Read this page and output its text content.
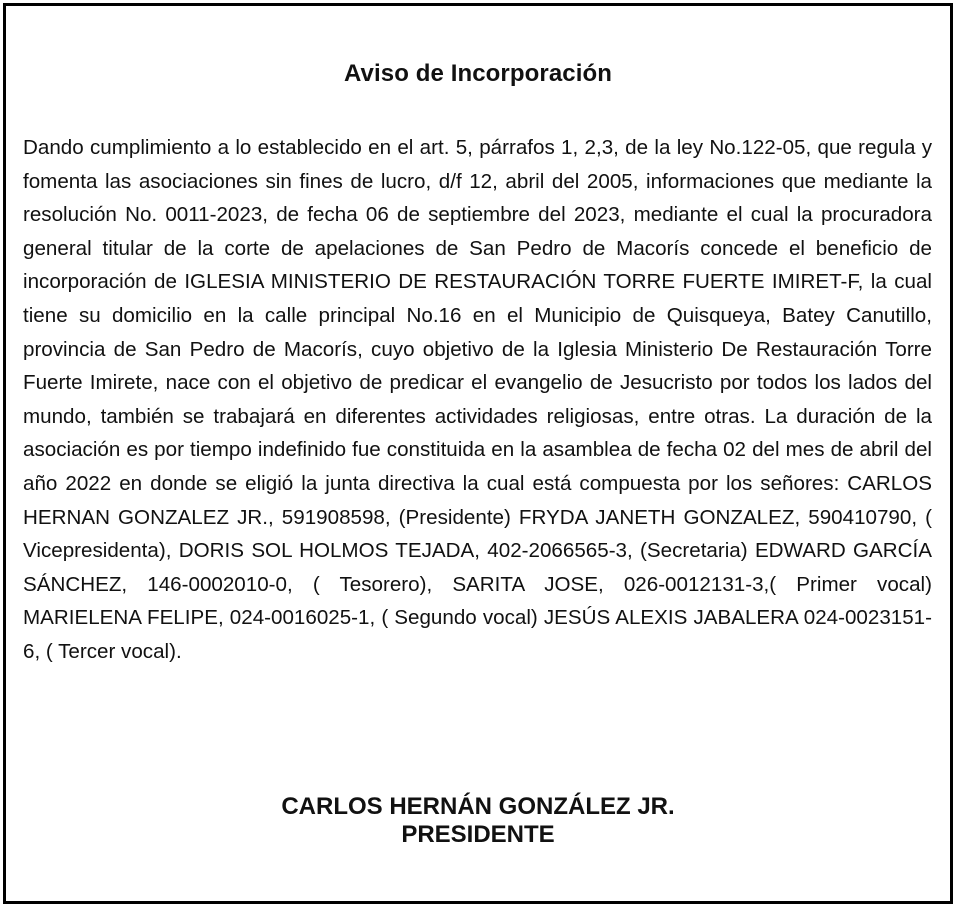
Aviso de Incorporación
Dando cumplimiento a lo establecido en el art. 5, párrafos 1, 2,3, de la ley No.122-05, que regula y fomenta las asociaciones sin fines de lucro, d/f 12, abril del 2005, informaciones que mediante la resolución No. 0011-2023, de fecha 06 de septiembre del 2023, mediante el cual la procuradora general titular de la corte de apelaciones de San Pedro de Macorís concede el beneficio de incorporación de IGLESIA MINISTERIO DE RESTAURACIÓN TORRE FUERTE IMIRET-F, la cual tiene su domicilio en la calle principal No.16 en el Municipio de Quisqueya, Batey Canutillo, provincia de San Pedro de Macorís, cuyo objetivo de la Iglesia Ministerio De Restauración Torre Fuerte Imirete, nace con el objetivo de predicar el evangelio de Jesucristo por todos los lados del mundo, también se trabajará en diferentes actividades religiosas, entre otras. La duración de la asociación es por tiempo indefinido fue constituida en la asamblea de fecha 02 del mes de abril del año 2022 en donde se eligió la junta directiva la cual está compuesta por los señores: CARLOS HERNAN GONZALEZ JR., 591908598, (Presidente) FRYDA JANETH GONZALEZ, 590410790, ( Vicepresidenta), DORIS SOL HOLMOS TEJADA, 402-2066565-3, (Secretaria) EDWARD GARCÍA SÁNCHEZ, 146-0002010-0, ( Tesorero), SARITA JOSE, 026-0012131-3,( Primer vocal) MARIELENA FELIPE, 024-0016025-1, ( Segundo vocal) JESÚS ALEXIS JABALERA 024-0023151-6, ( Tercer vocal).
CARLOS HERNÁN GONZÁLEZ JR.
PRESIDENTE
